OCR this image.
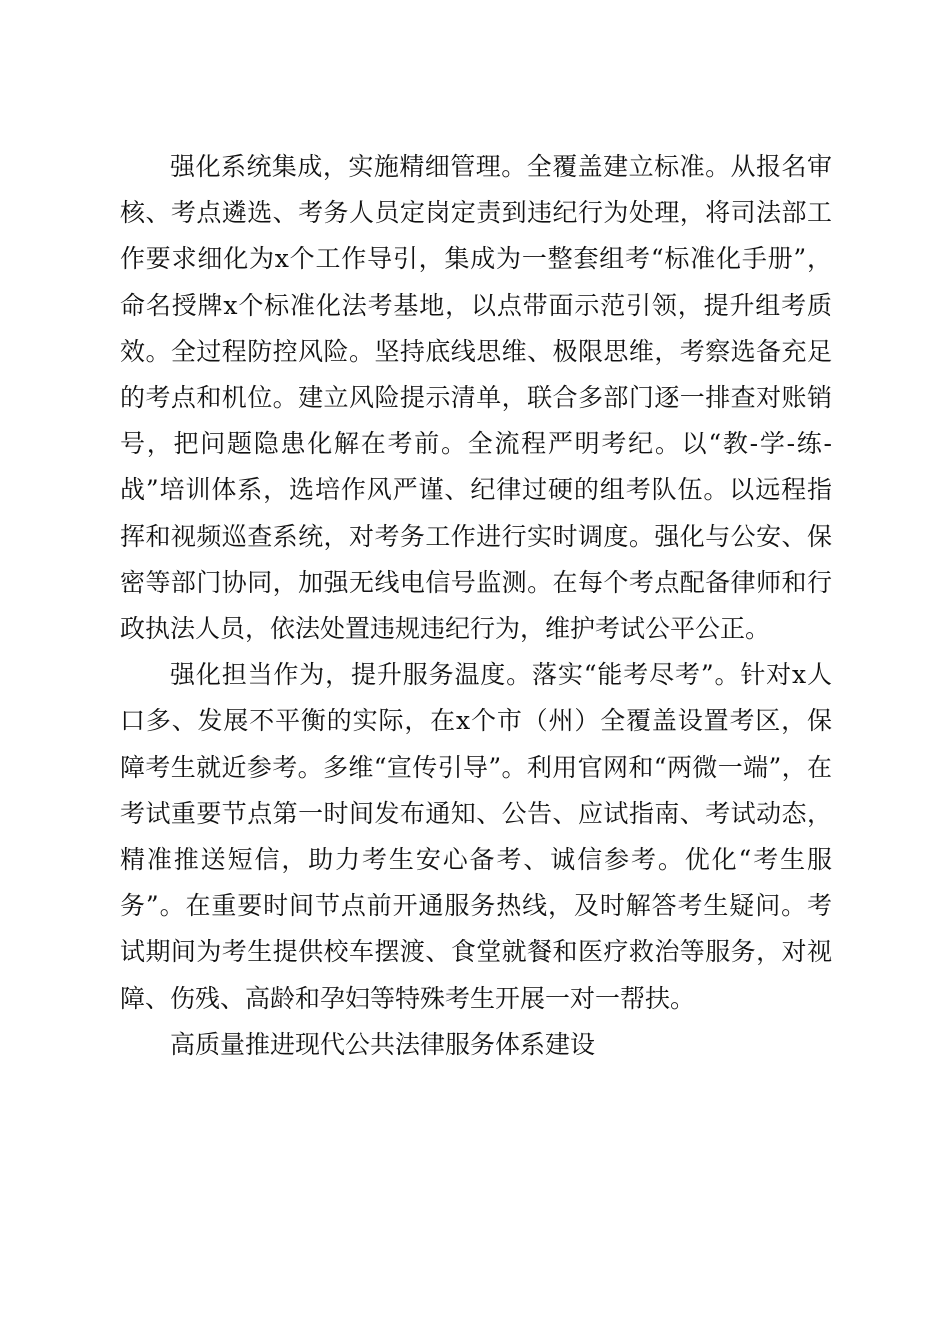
强化系统集成，实施精细管理。全覆盖建立标准。从报名审核、考点遴选、考务人员定岗定责到违纪行为处理，将司法部工作要求细化为x个工作导引，集成为一整套组考“标准化手册”，命名授牌x个标准化法考基地，以点带面示范引领，提升组考质效。全过程防控风险。坚持底线思维、极限思维，考察选备充足的考点和机位。建立风险提示清单，联合多部门逐一排查对账销号，把问题隐患化解在考前。全流程严明考纪。以“教-学-练-战”培训体系，选培作风严谨、纪律过硬的组考队伍。以远程指挥和视频巡查系统，对考务工作进行实时调度。强化与公安、保密等部门协同，加强无线电信号监测。在每个考点配备律师和行政执法人员，依法处置违规违纪行为，维护考试公平公正。

强化担当作为，提升服务温度。落实“能考尽考”。针对x人口多、发展不平衡的实际，在x个市（州）全覆盖设置考区，保障考生就近参考。多维“宣传引导”。利用官网和“两微一端”，在考试重要节点第一时间发布通知、公告、应试指南、考试动态，精准推送短信，助力考生安心备考、诚信参考。优化“考生服务”。在重要时间节点前开通服务热线，及时解答考生疑问。考试期间为考生提供校车摆渡、食堂就餐和医疗救治等服务，对视障、伤残、高龄和孕妇等特殊考生开展一对一帮扶。

高质量推进现代公共法律服务体系建设
